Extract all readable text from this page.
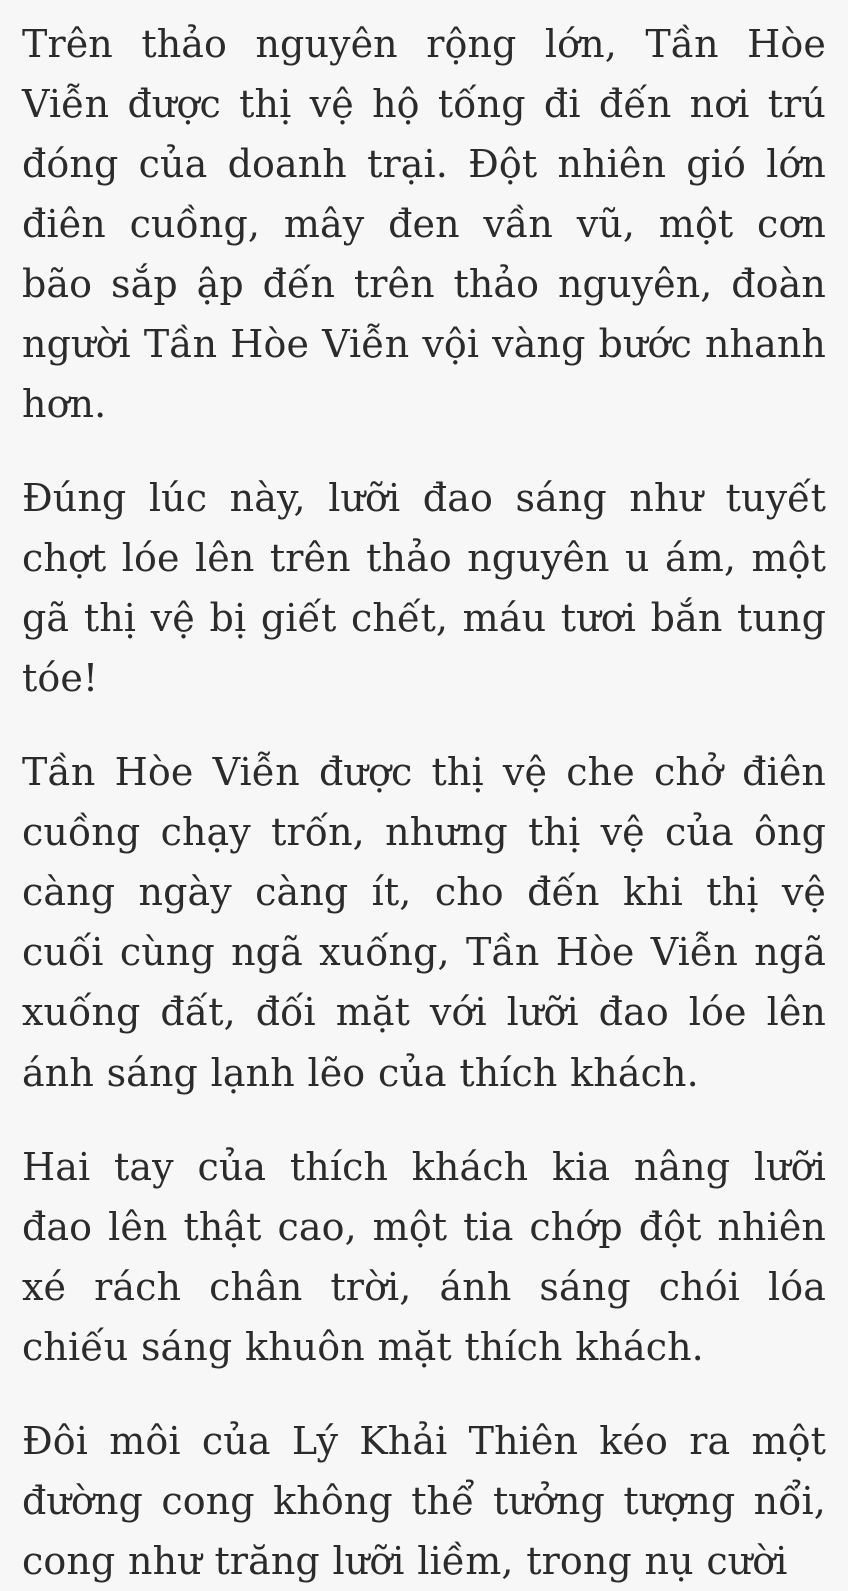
Trên thảo nguyên rộng lớn, Tần Hòe Viễn được thị vệ hộ tống đi đến nơi trú đóng của doanh trại. Đột nhiên gió lớn điên cuồng, mây đen vần vũ, một cơn bão sắp ập đến trên thảo nguyên, đoàn người Tần Hòe Viễn vội vàng bước nhanh hơn.

Đúng lúc này, lưỡi đao sáng như tuyết chợt lóe lên trên thảo nguyên u ám, một gã thị vệ bị giết chết, máu tươi bắn tung tóe!

Tần Hòe Viễn được thị vệ che chở điên cuồng chạy trốn, nhưng thị vệ của ông càng ngày càng ít, cho đến khi thị vệ cuối cùng ngã xuống, Tần Hòe Viễn ngã xuống đất, đối mặt với lưỡi đao lóe lên ánh sáng lạnh lẽo của thích khách.

Hai tay của thích khách kia nâng lưỡi đao lên thật cao, một tia chớp đột nhiên xé rách chân trời, ánh sáng chói lóa chiếu sáng khuôn mặt thích khách.

Đôi môi của Lý Khải Thiên kéo ra một đường cong không thể tưởng tượng nổi, cong như trăng lưỡi liềm, trong nụ cười
